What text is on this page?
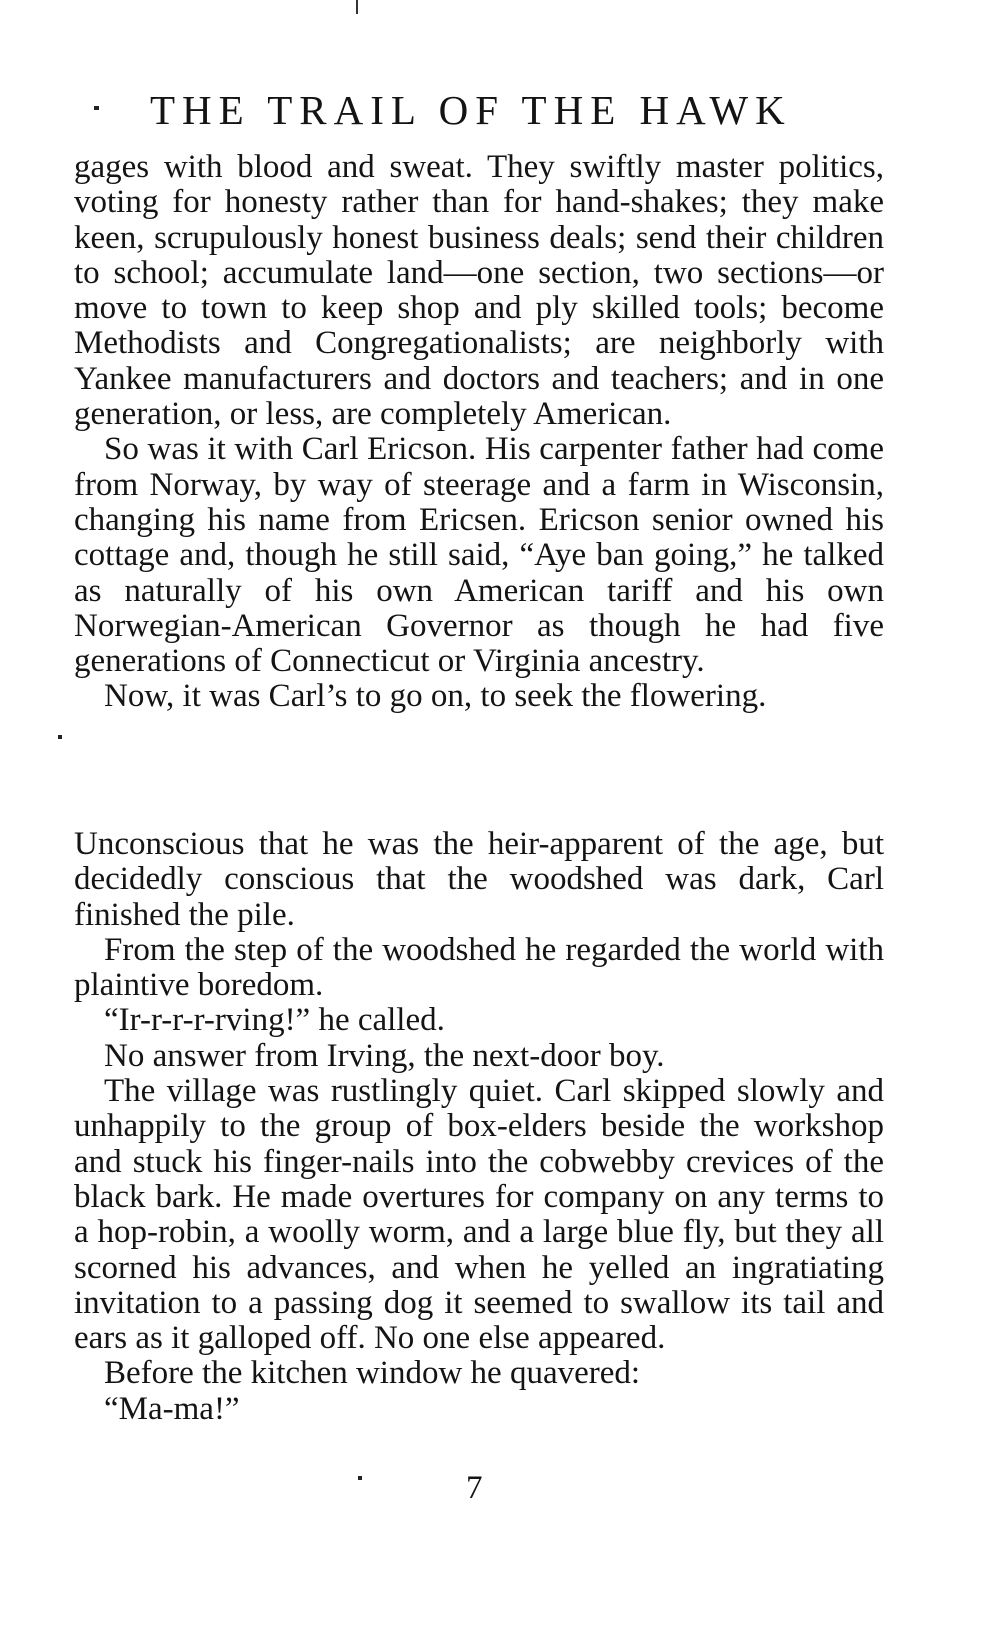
THE TRAIL OF THE HAWK

gages with blood and sweat. They swiftly master politics, voting for honesty rather than for hand-shakes; they make keen, scrupulously honest business deals; send their children to school; accumulate land—one section, two sections—or move to town to keep shop and ply skilled tools; become Methodists and Congregationalists; are neighborly with Yankee manufacturers and doctors and teachers; and in one generation, or less, are completely American.

So was it with Carl Ericson. His carpenter father had come from Norway, by way of steerage and a farm in Wisconsin, changing his name from Ericsen. Ericson senior owned his cottage and, though he still said, “Aye ban going,” he talked as naturally of his own American tariff and his own Norwegian-American Governor as though he had five generations of Connecticut or Virginia ancestry.

Now, it was Carl’s to go on, to seek the flowering.

Unconscious that he was the heir-apparent of the age, but decidedly conscious that the woodshed was dark, Carl finished the pile.

From the step of the woodshed he regarded the world with plaintive boredom.

“Ir-r-r-r-rving!” he called.

No answer from Irving, the next-door boy.

The village was rustlingly quiet. Carl skipped slowly and unhappily to the group of box-elders beside the workshop and stuck his finger-nails into the cobwebby crevices of the black bark. He made overtures for company on any terms to a hop-robin, a woolly worm, and a large blue fly, but they all scorned his advances, and when he yelled an ingratiating invitation to a passing dog it seemed to swallow its tail and ears as it galloped off. No one else appeared.

Before the kitchen window he quavered:

“Ma-ma!”

7
